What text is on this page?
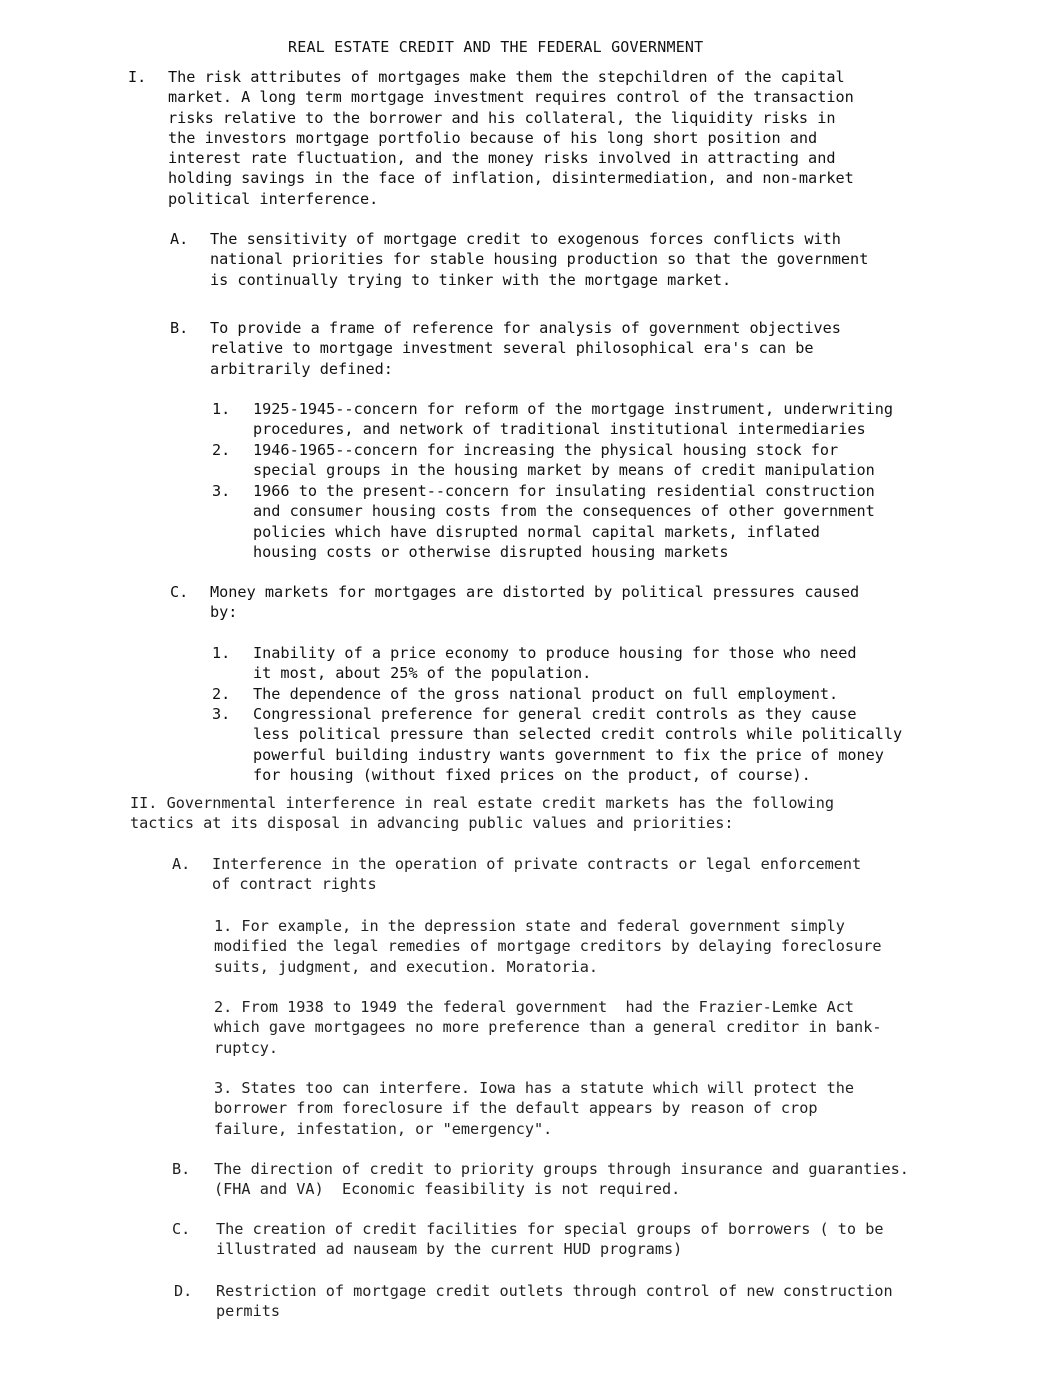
REAL ESTATE CREDIT AND THE FEDERAL GOVERNMENT
I. The risk attributes of mortgages make them the stepchildren of the capital
market. A long term mortgage investment requires control of the transaction
risks relative to the borrower and his collateral, the liquidity risks in
the investors mortgage portfolio because of his long short position and
interest rate fluctuation, and the money risks involved in attracting and
holding savings in the face of inflation, disintermediation, and non-market
political interference.
A. The sensitivity of mortgage credit to exogenous forces conflicts with
national priorities for stable housing production so that the government
is continually trying to tinker with the mortgage market.
B. To provide a frame of reference for analysis of government objectives
relative to mortgage investment several philosophical era's can be
arbitrarily defined:
1. 1925-1945--concern for reform of the mortgage instrument, underwriting
procedures, and network of traditional institutional intermediaries
2. 1946-1965--concern for increasing the physical housing stock for
special groups in the housing market by means of credit manipulation
3. 1966 to the present--concern for insulating residential construction
and consumer housing costs from the consequences of other government
policies which have disrupted normal capital markets, inflated
housing costs or otherwise disrupted housing markets
C. Money markets for mortgages are distorted by political pressures caused
by:
1. Inability of a price economy to produce housing for those who need
it most, about 25% of the population.
2. The dependence of the gross national product on full employment.
3. Congressional preference for general credit controls as they cause
less political pressure than selected credit controls while politically
powerful building industry wants government to fix the price of money
for housing (without fixed prices on the product, of course).
II. Governmental interference in real estate credit markets has the following
tactics at its disposal in advancing public values and priorities:
A. Interference in the operation of private contracts or legal enforcement
of contract rights
1. For example, in the depression state and federal government simply
modified the legal remedies of mortgage creditors by delaying foreclosure
suits, judgment, and execution. Moratoria.
2. From 1938 to 1949 the federal government  had the Frazier-Lemke Act
which gave mortgagees no more preference than a general creditor in bank-
ruptcy.
3. States too can interfere. Iowa has a statute which will protect the
borrower from foreclosure if the default appears by reason of crop
failure, infestation, or "emergency".
B. The direction of credit to priority groups through insurance and guaranties.
(FHA and VA)  Economic feasibility is not required.
C. The creation of credit facilities for special groups of borrowers ( to be
illustrated ad nauseam by the current HUD programs)
D. Restriction of mortgage credit outlets through control of new construction
permits
